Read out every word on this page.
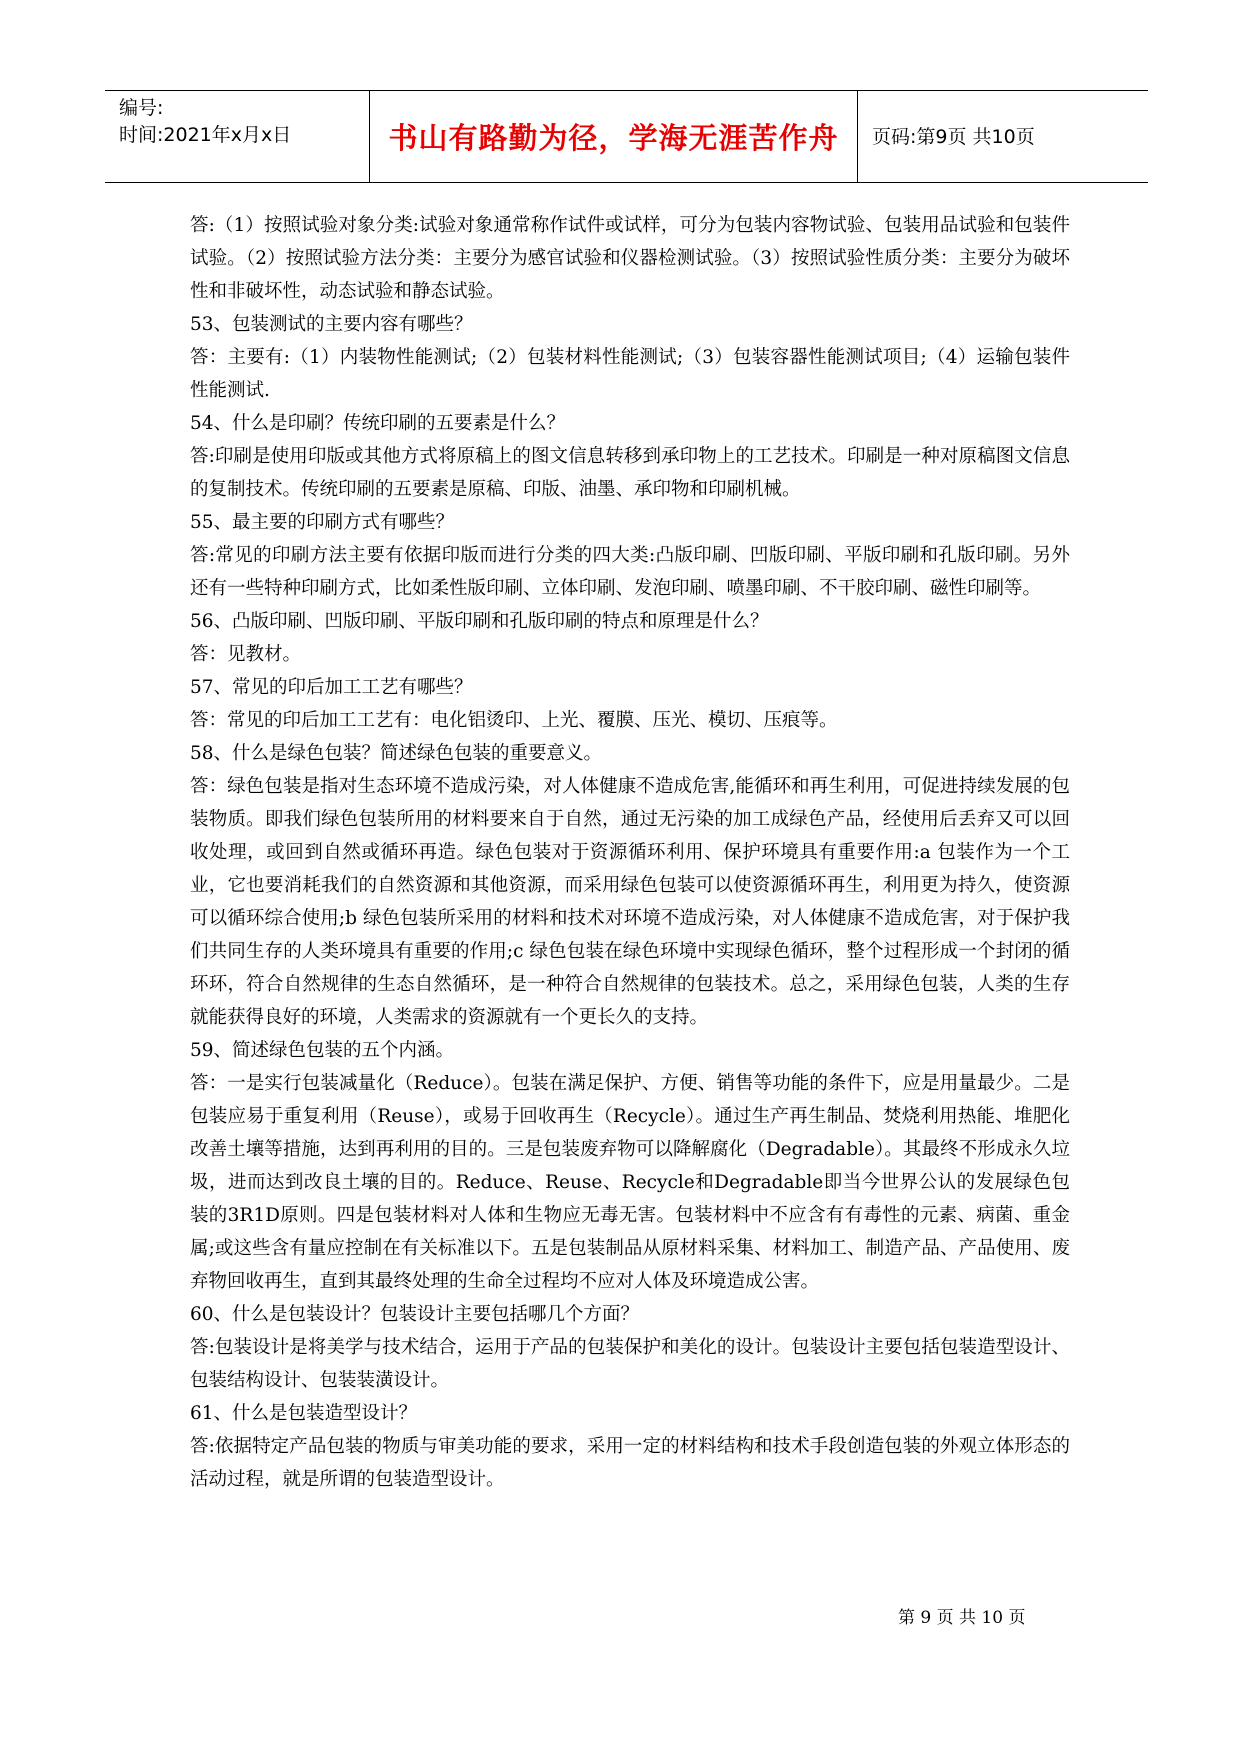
编号:
时间:2021年x月x日	书山有路勤为径，学海无涯苦作舟 页码:第9页 共10页

答:（1）按照试验对象分类:试验对象通常称作试件或试样，可分为包装内容物试验、包装用品试验和包装件试验。（2）按照试验方法分类：主要分为感官试验和仪器检测试验。（3）按照试验性质分类：主要分为破坏性和非破坏性，动态试验和静态试验。

53、包装测试的主要内容有哪些？

答：主要有:（1）内装物性能测试;（2）包装材料性能测试;（3）包装容器性能测试项目;（4）运输包装件性能测试.

54、什么是印刷？传统印刷的五要素是什么？

答:印刷是使用印版或其他方式将原稿上的图文信息转移到承印物上的工艺技术。印刷是一种对原稿图文信息的复制技术。传统印刷的五要素是原稿、印版、油墨、承印物和印刷机械。

55、最主要的印刷方式有哪些？

答:常见的印刷方法主要有依据印版而进行分类的四大类:凸版印刷、凹版印刷、平版印刷和孔版印刷。另外还有一些特种印刷方式，比如柔性版印刷、立体印刷、发泡印刷、喷墨印刷、不干胶印刷、磁性印刷等。

56、凸版印刷、凹版印刷、平版印刷和孔版印刷的特点和原理是什么？

答：见教材。

57、常见的印后加工工艺有哪些？

答：常见的印后加工工艺有：电化铝烫印、上光、覆膜、压光、模切、压痕等。

58、什么是绿色包装？简述绿色包装的重要意义。

答：绿色包装是指对生态环境不造成污染，对人体健康不造成危害,能循环和再生利用，可促进持续发展的包装物质。即我们绿色包装所用的材料要来自于自然，通过无污染的加工成绿色产品，经使用后丢弃又可以回收处理，或回到自然或循环再造。绿色包装对于资源循环利用、保护环境具有重要作用:a 包装作为一个工业，它也要消耗我们的自然资源和其他资源，而采用绿色包装可以使资源循环再生，利用更为持久，使资源可以循环综合使用;b 绿色包装所采用的材料和技术对环境不造成污染，对人体健康不造成危害，对于保护我们共同生存的人类环境具有重要的作用;c 绿色包装在绿色环境中实现绿色循环，整个过程形成一个封闭的循环环，符合自然规律的生态自然循环，是一种符合自然规律的包装技术。总之，采用绿色包装，人类的生存就能获得良好的环境，人类需求的资源就有一个更长久的支持。

59、简述绿色包装的五个内涵。

答：一是实行包装减量化（Reduce）。包装在满足保护、方便、销售等功能的条件下，应是用量最少。二是包装应易于重复利用（Reuse），或易于回收再生（Recycle）。通过生产再生制品、焚烧利用热能、堆肥化改善土壤等措施，达到再利用的目的。三是包装废弃物可以降解腐化（Degradable）。其最终不形成永久垃圾，进而达到改良土壤的目的。Reduce、Reuse、Recycle和Degradable即当今世界公认的发展绿色包装的3R1D原则。四是包装材料对人体和生物应无毒无害。包装材料中不应含有有毒性的元素、病菌、重金属;或这些含有量应控制在有关标准以下。五是包装制品从原材料采集、材料加工、制造产品、产品使用、废弃物回收再生，直到其最终处理的生命全过程均不应对人体及环境造成公害。

60、什么是包装设计？包装设计主要包括哪几个方面？

答:包装设计是将美学与技术结合，运用于产品的包装保护和美化的设计。包装设计主要包括包装造型设计、包装结构设计、包装装潢设计。

61、什么是包装造型设计？

答:依据特定产品包装的物质与审美功能的要求，采用一定的材料结构和技术手段创造包装的外观立体形态的活动过程，就是所谓的包装造型设计。

第 9 页 共 10 页
